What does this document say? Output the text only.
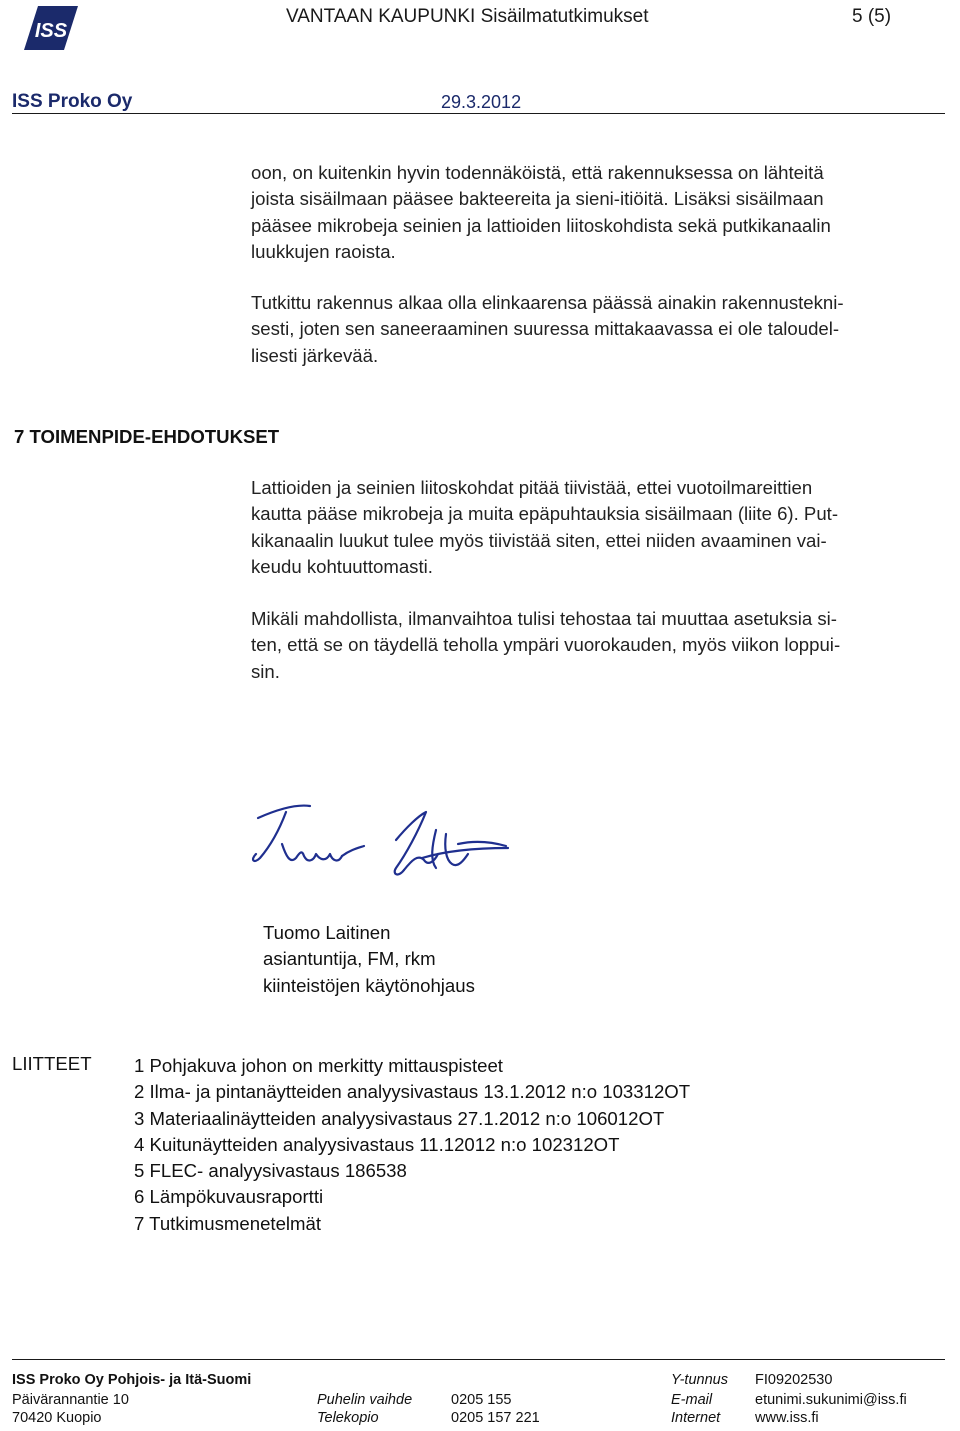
ISS
VANTAAN KAUPUNKI Sisäilmatutkimukset	5 (5)
ISS Proko Oy	29.3.2012
oon, on kuitenkin hyvin todennäköistä, että rakennuksessa on lähteitä
joista sisäilmaan pääsee bakteereita ja sieni-itiöitä. Lisäksi sisäilmaan
pääsee mikrobeja seinien ja lattioiden liitoskohdista sekä putkikanaalin
luukkujen raoista.
Tutkittu rakennus alkaa olla elinkaarensa päässä ainakin rakennustekni-
sesti, joten sen saneeraaminen suuressa mittakaavassa ei ole taloudel-
lisesti järkevää.
7 TOIMENPIDE-EHDOTUKSET
Lattioiden ja seinien liitoskohdat pitää tiivistää, ettei vuotoilmareittien
kautta pääse mikrobeja ja muita epäpuhtauksia sisäilmaan (liite 6). Put-
kikanaalin luukut tulee myös tiivistää siten, ettei niiden avaaminen vai-
keudu kohtuuttomasti.
Mikäli mahdollista, ilmanvaihtoa tulisi tehostaa tai muuttaa asetuksia si-
ten, että se on täydellä teholla ympäri vuorokauden, myös viikon loppui-
sin.
Tuomo Laitinen
asiantuntija, FM, rkm
kiinteistöjen käytönohjaus
LIITTEET 1 Pohjakuva johon on merkitty mittauspisteet
2 Ilma- ja pintanäytteiden analyysivastaus 13.1.2012 n:o 103312OT
3 Materiaalinäytteiden analyysivastaus 27.1.2012 n:o 106012OT
4 Kuitunäytteiden analyysivastaus 11.12012 n:o 102312OT
5 FLEC- analyysivastaus 186538
6 Lämpökuvausraportti
7 Tutkimusmenetelmät
ISS Proko Oy Pohjois- ja Itä-Suomi
Päivärannantie 10
70420 Kuopio
Puhelin vaihde	0205 155
Telekopio	0205 157 221
Y-tunnus FI09202530
E-mail	etunimi.sukunimi@iss.fi
Internet www.iss.fi
